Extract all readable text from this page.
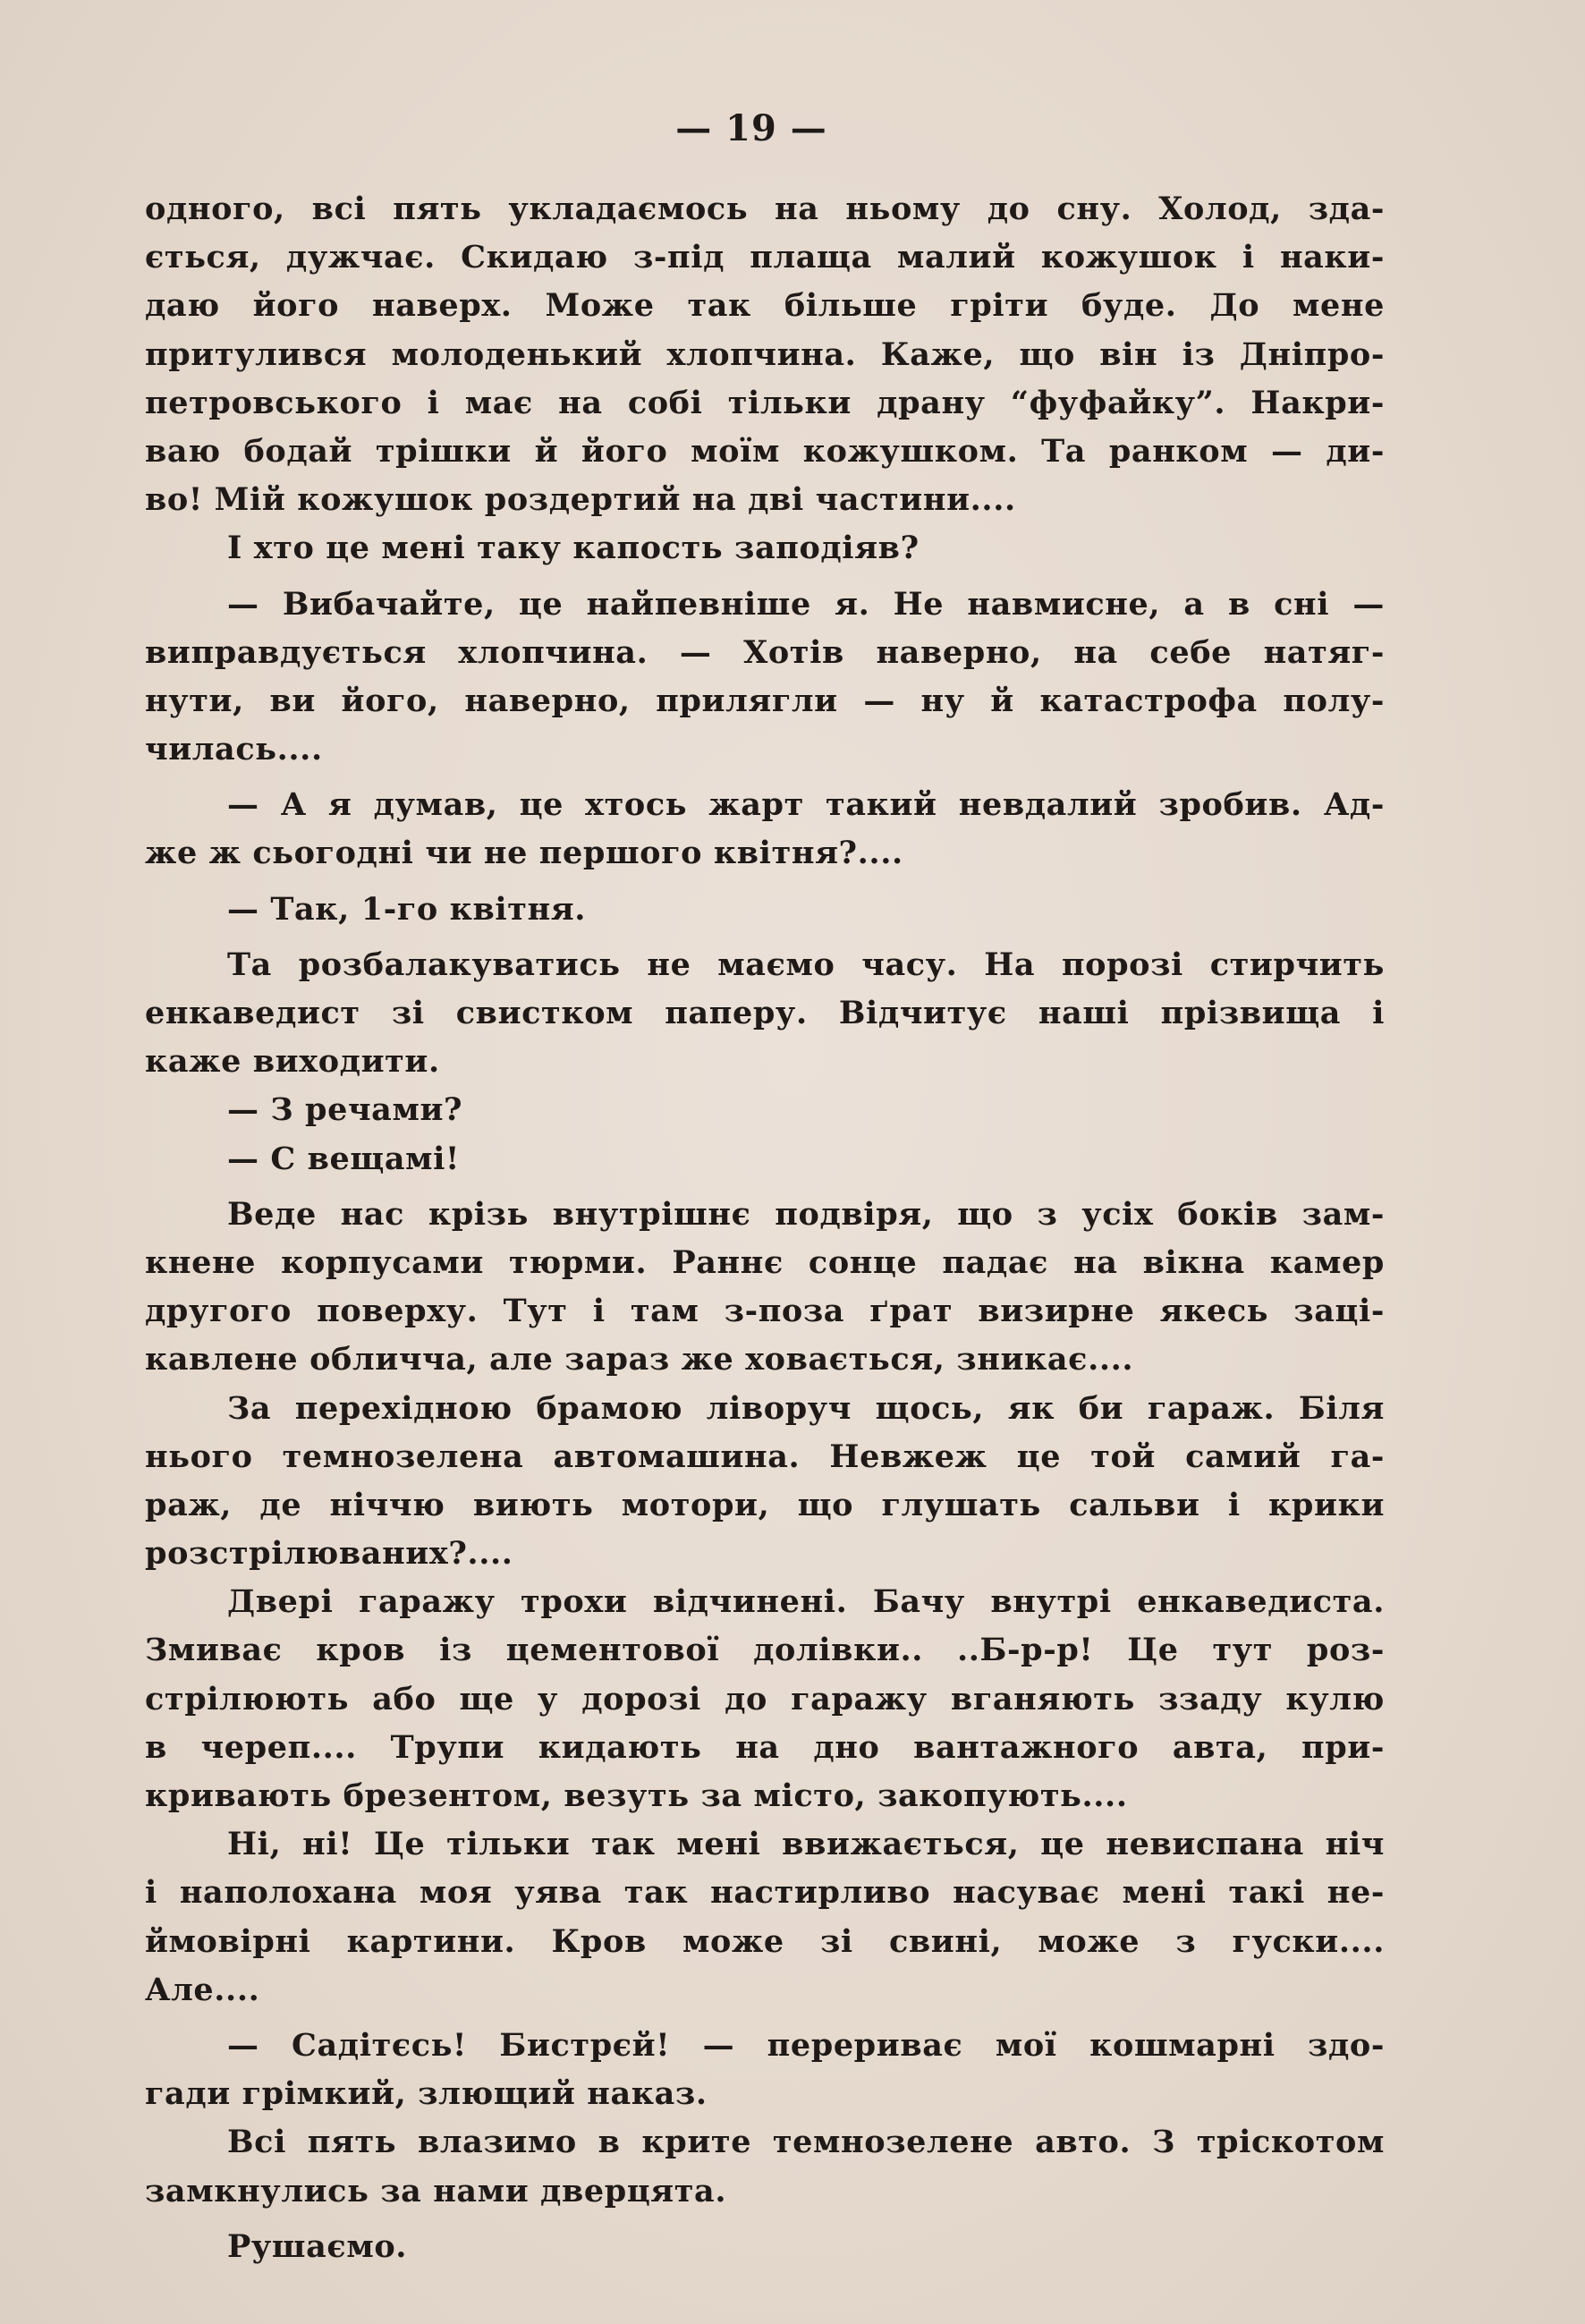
— 19 —
одного, всі пять укладаємось на ньому до сну. Холод, зда-
ється, дужчає. Скидаю з-під плаща малий кожушок і наки-
даю його наверх. Може так більше гріти буде. До мене
притулився молоденький хлопчина. Каже, що він із Дніпро-
петровського і має на собі тільки драну “фуфайку”. Накри-
ваю бодай трішки й його моїм кожушком. Та ранком — ди-
во! Мій кожушок роздертий на дві частини....
І хто це мені таку капость заподіяв?
— Вибачайте, це найпевніше я. Не навмисне, а в сні —
виправдується хлопчина. — Хотів наверно, на себе натяг-
нути, ви його, наверно, прилягли — ну й катастрофа полу-
чилась....
— А я думав, це хтось жарт такий невдалий зробив. Ад-
же ж сьогодні чи не першого квітня?....
— Так, 1-го квітня.
Та розбалакуватись не маємо часу. На порозі стирчить
енкаведист зі свистком паперу. Відчитує наші прізвища і
каже виходити.
— З речами?
— С вещамі!
Веде нас крізь внутрішнє подвіря, що з усіх боків зам-
кнене корпусами тюрми. Раннє сонце падає на вікна камер
другого поверху. Тут і там з-поза ґрат визирне якесь заці-
кавлене обличча, але зараз же ховається, зникає....
За перехідною брамою ліворуч щось, як би гараж. Біля
нього темнозелена автомашина. Невжеж це той самий га-
раж, де ніччю виють мотори, що глушать сальви і крики
розстрілюваних?....
Двері гаражу трохи відчинені. Бачу внутрі енкаведиста.
Змиває кров із цементової долівки.. ..Б-р-р! Це тут роз-
стрілюють або ще у дорозі до гаражу вганяють ззаду кулю
в череп.... Трупи кидають на дно вантажного авта, при-
кривають брезентом, везуть за місто, закопують....
Ні, ні! Це тільки так мені ввижається, це невиспана ніч
і наполохана моя уява так настирливо насуває мені такі не-
ймовірні картини. Кров може зі свині, може з гуски....
Але....
— Садітєсь! Бистрєй! — перериває мої кошмарні здо-
гади грімкий, злющий наказ.
Всі пять влазимо в крите темнозелене авто. З тріскотом
замкнулись за нами дверцята.
Рушаємо.
